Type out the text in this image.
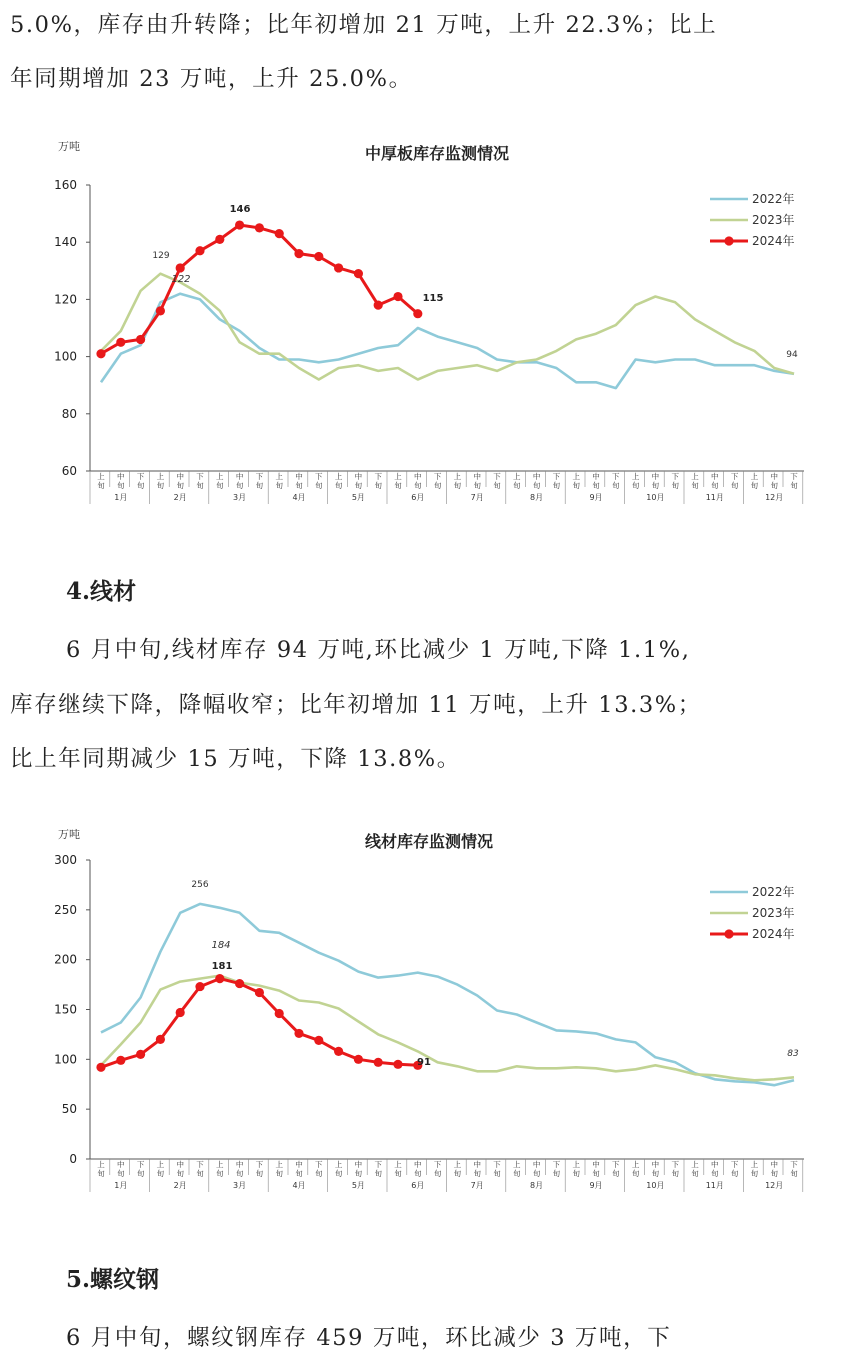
5.0%，库存由升转降；比年初增加 21 万吨，上升 22.3%；比上
年同期增加 23 万吨，上升 25.0%。
中厚板库存监测情况
万吨
60
80
100
120
140
160
上
旬
中
旬
下
旬
上
旬
中
旬
下
旬
上
旬
中
旬
下
旬
上
旬
中
旬
下
旬
上
旬
中
旬
下
旬
上
旬
中
旬
下
旬
上
旬
中
旬
下
旬
上
旬
中
旬
下
旬
上
旬
中
旬
下
旬
上
旬
中
旬
下
旬
上
旬
中
旬
下
旬
上
旬
中
旬
下
旬
1月	2月	3月	4月	5月	6月	7月	8月	9月	10月	11月	12月
2022年
2023年
2024年
129
122
146
115
94
4.线材
6 月中旬,线材库存 94 万吨,环比减少 1 万吨,下降 1.1%,
库存继续下降，降幅收窄；比年初增加 11 万吨，上升 13.3%；
比上年同期减少 15 万吨，下降 13.8%。
线材库存监测情况
万吨
0
50
100
150
200
250
300
上
旬
中
旬
下
旬
上
旬
中
旬
下
旬
上
旬
中
旬
下
旬
上
旬
中
旬
下
旬
上
旬
中
旬
下
旬
上
旬
中
旬
下
旬
上
旬
中
旬
下
旬
上
旬
中
旬
下
旬
上
旬
中
旬
下
旬
上
旬
中
旬
下
旬
上
旬
中
旬
下
旬
上
旬
中
旬
下
旬
1月	2月	3月	4月	5月	6月	7月	8月	9月	10月	11月	12月
2022年
2023年
2024年
256
184
181
91
83
5.螺纹钢
6 月中旬，螺纹钢库存 459 万吨，环比减少 3 万吨，下
